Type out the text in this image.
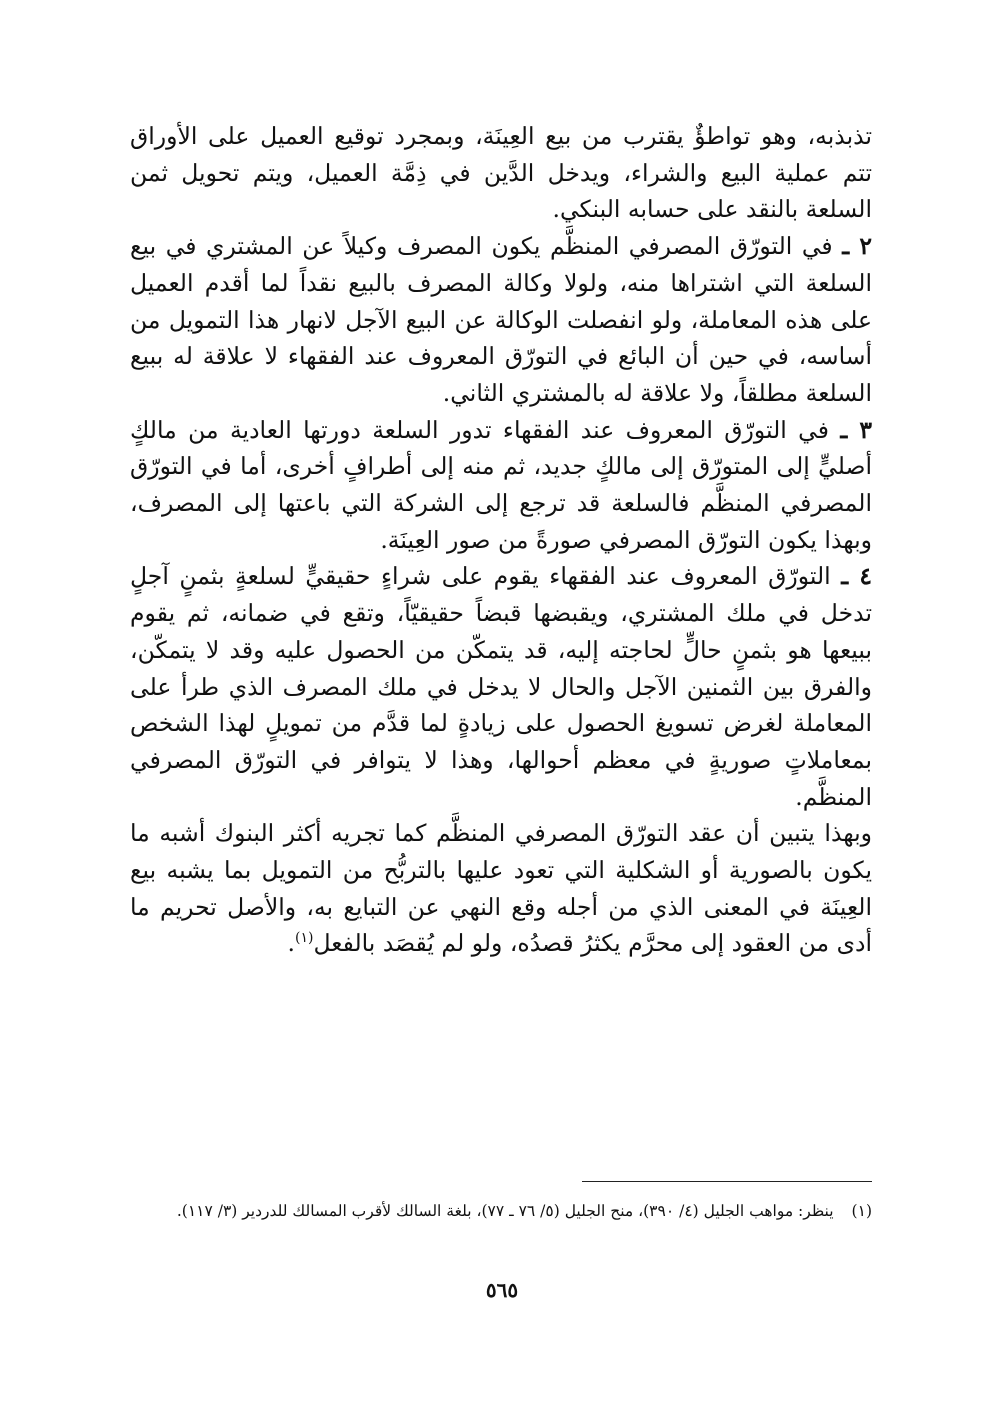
تذبذبه، وهو تواطؤٌ يقترب من بيع العِينَة، وبمجرد توقيع العميل على الأوراق تتم عملية البيع والشراء، ويدخل الدَّين في ذِمَّة العميل، ويتم تحويل ثمن السلعة بالنقد على حسابه البنكي.

٢ ـ في التورّق المصرفي المنظَّم يكون المصرف وكيلاً عن المشتري في بيع السلعة التي اشتراها منه، ولولا وكالة المصرف بالبيع نقداً لما أقدم العميل على هذه المعاملة، ولو انفصلت الوكالة عن البيع الآجل لانهار هذا التمويل من أساسه، في حين أن البائع في التورّق المعروف عند الفقهاء لا علاقة له ببيع السلعة مطلقاً، ولا علاقة له بالمشتري الثاني.

٣ ـ في التورّق المعروف عند الفقهاء تدور السلعة دورتها العادية من مالكٍ أصليٍّ إلى المتورّق إلى مالكٍ جديد، ثم منه إلى أطرافٍ أخرى، أما في التورّق المصرفي المنظَّم فالسلعة قد ترجع إلى الشركة التي باعتها إلى المصرف، وبهذا يكون التورّق المصرفي صورةً من صور العِينَة.

٤ ـ التورّق المعروف عند الفقهاء يقوم على شراءٍ حقيقيٍّ لسلعةٍ بثمنٍ آجلٍ تدخل في ملك المشتري، ويقبضها قبضاً حقيقيّاً، وتقع في ضمانه، ثم يقوم ببيعها هو بثمنٍ حالٍّ لحاجته إليه، قد يتمكّن من الحصول عليه وقد لا يتمكّن، والفرق بين الثمنين الآجل والحال لا يدخل في ملك المصرف الذي طرأ على المعاملة لغرض تسويغ الحصول على زيادةٍ لما قدَّم من تمويلٍ لهذا الشخص بمعاملاتٍ صوريةٍ في معظم أحوالها، وهذا لا يتوافر في التورّق المصرفي المنظَّم.

وبهذا يتبين أن عقد التورّق المصرفي المنظَّم كما تجريه أكثر البنوك أشبه ما يكون بالصورية أو الشكلية التي تعود عليها بالتربُّح من التمويل بما يشبه بيع العِينَة في المعنى الذي من أجله وقع النهي عن التبايع به، والأصل تحريم ما أدى من العقود إلى محرَّم يكثرُ قصدُه، ولو لم يُقصَد بالفعل$^{(١)}$.

(١)ينظر: مواهب الجليل (٤/ ٣٩٠)، منح الجليل (٥/ ٧٦ ـ ٧٧)، بلغة السالك لأقرب المسالك للدردير (٣/ ١١٧).
٥٦٥
